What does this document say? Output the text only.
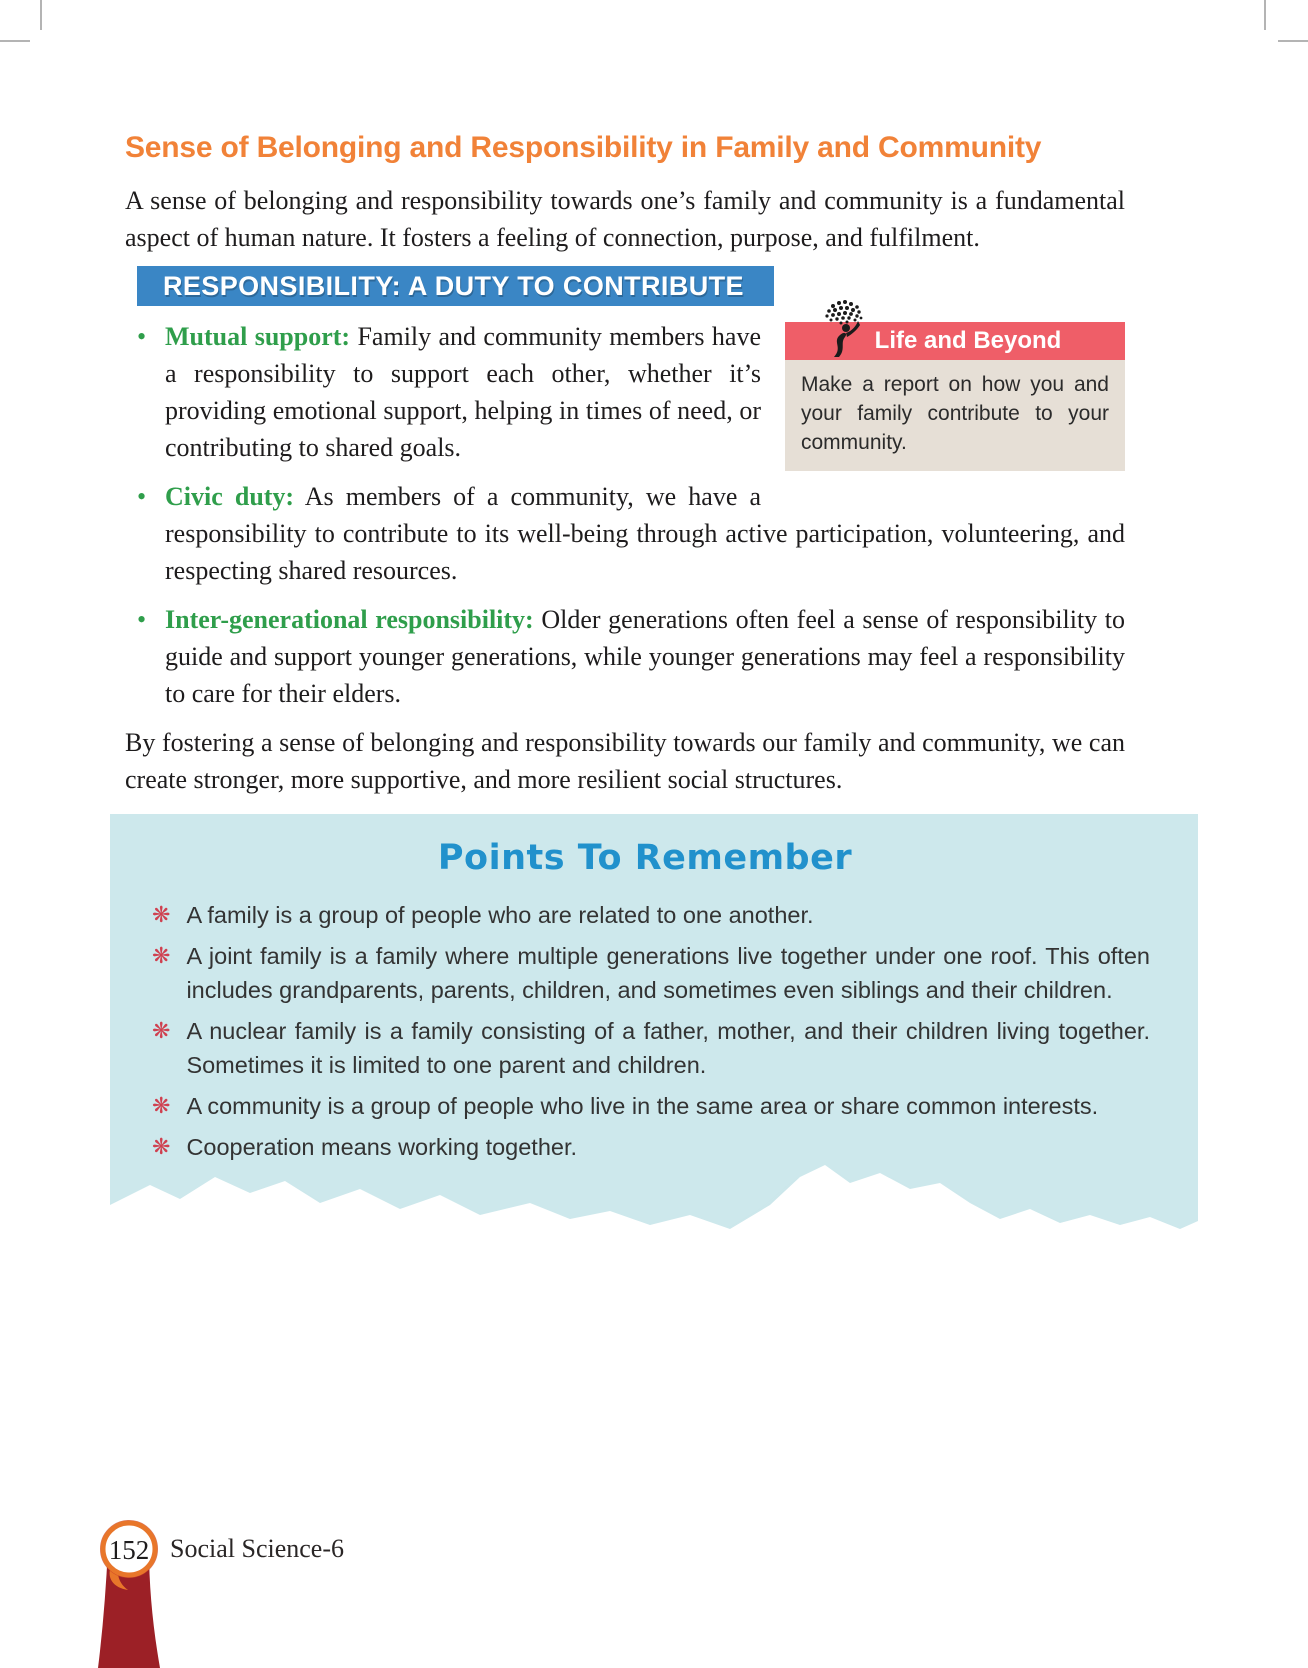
Sense of Belonging and Responsibility in Family and Community

A sense of belonging and responsibility towards one’s family and community is a fundamental aspect of human nature. It fosters a feeling of connection, purpose, and fulfilment.

RESPONSIBILITY: A DUTY TO CONTRIBUTE
Life and Beyond
Make a report on how you and your family contribute to your community.
• Mutual support: Family and community members have a responsibility to support each other, whether it’s providing emotional support, helping in times of need, or contributing to shared goals.
• Civic duty: As members of a community, we have a responsibility to contribute to its well-being through active participation, volunteering, and respecting shared resources.
• Inter-generational responsibility: Older generations often feel a sense of responsibility to guide and support younger generations, while younger generations may feel a responsibility to care for their elders.

By fostering a sense of belonging and responsibility towards our family and community, we can create stronger, more supportive, and more resilient social structures.

Points To Remember
❋ A family is a group of people who are related to one another.
❋ A joint family is a family where multiple generations live together under one roof. This often includes grandparents, parents, children, and sometimes even siblings and their children.
❋ A nuclear family is a family consisting of a father, mother, and their children living together. Sometimes it is limited to one parent and children.
❋ A community is a group of people who live in the same area or share common interests.
❋ Cooperation means working together.
152 Social Science-6
